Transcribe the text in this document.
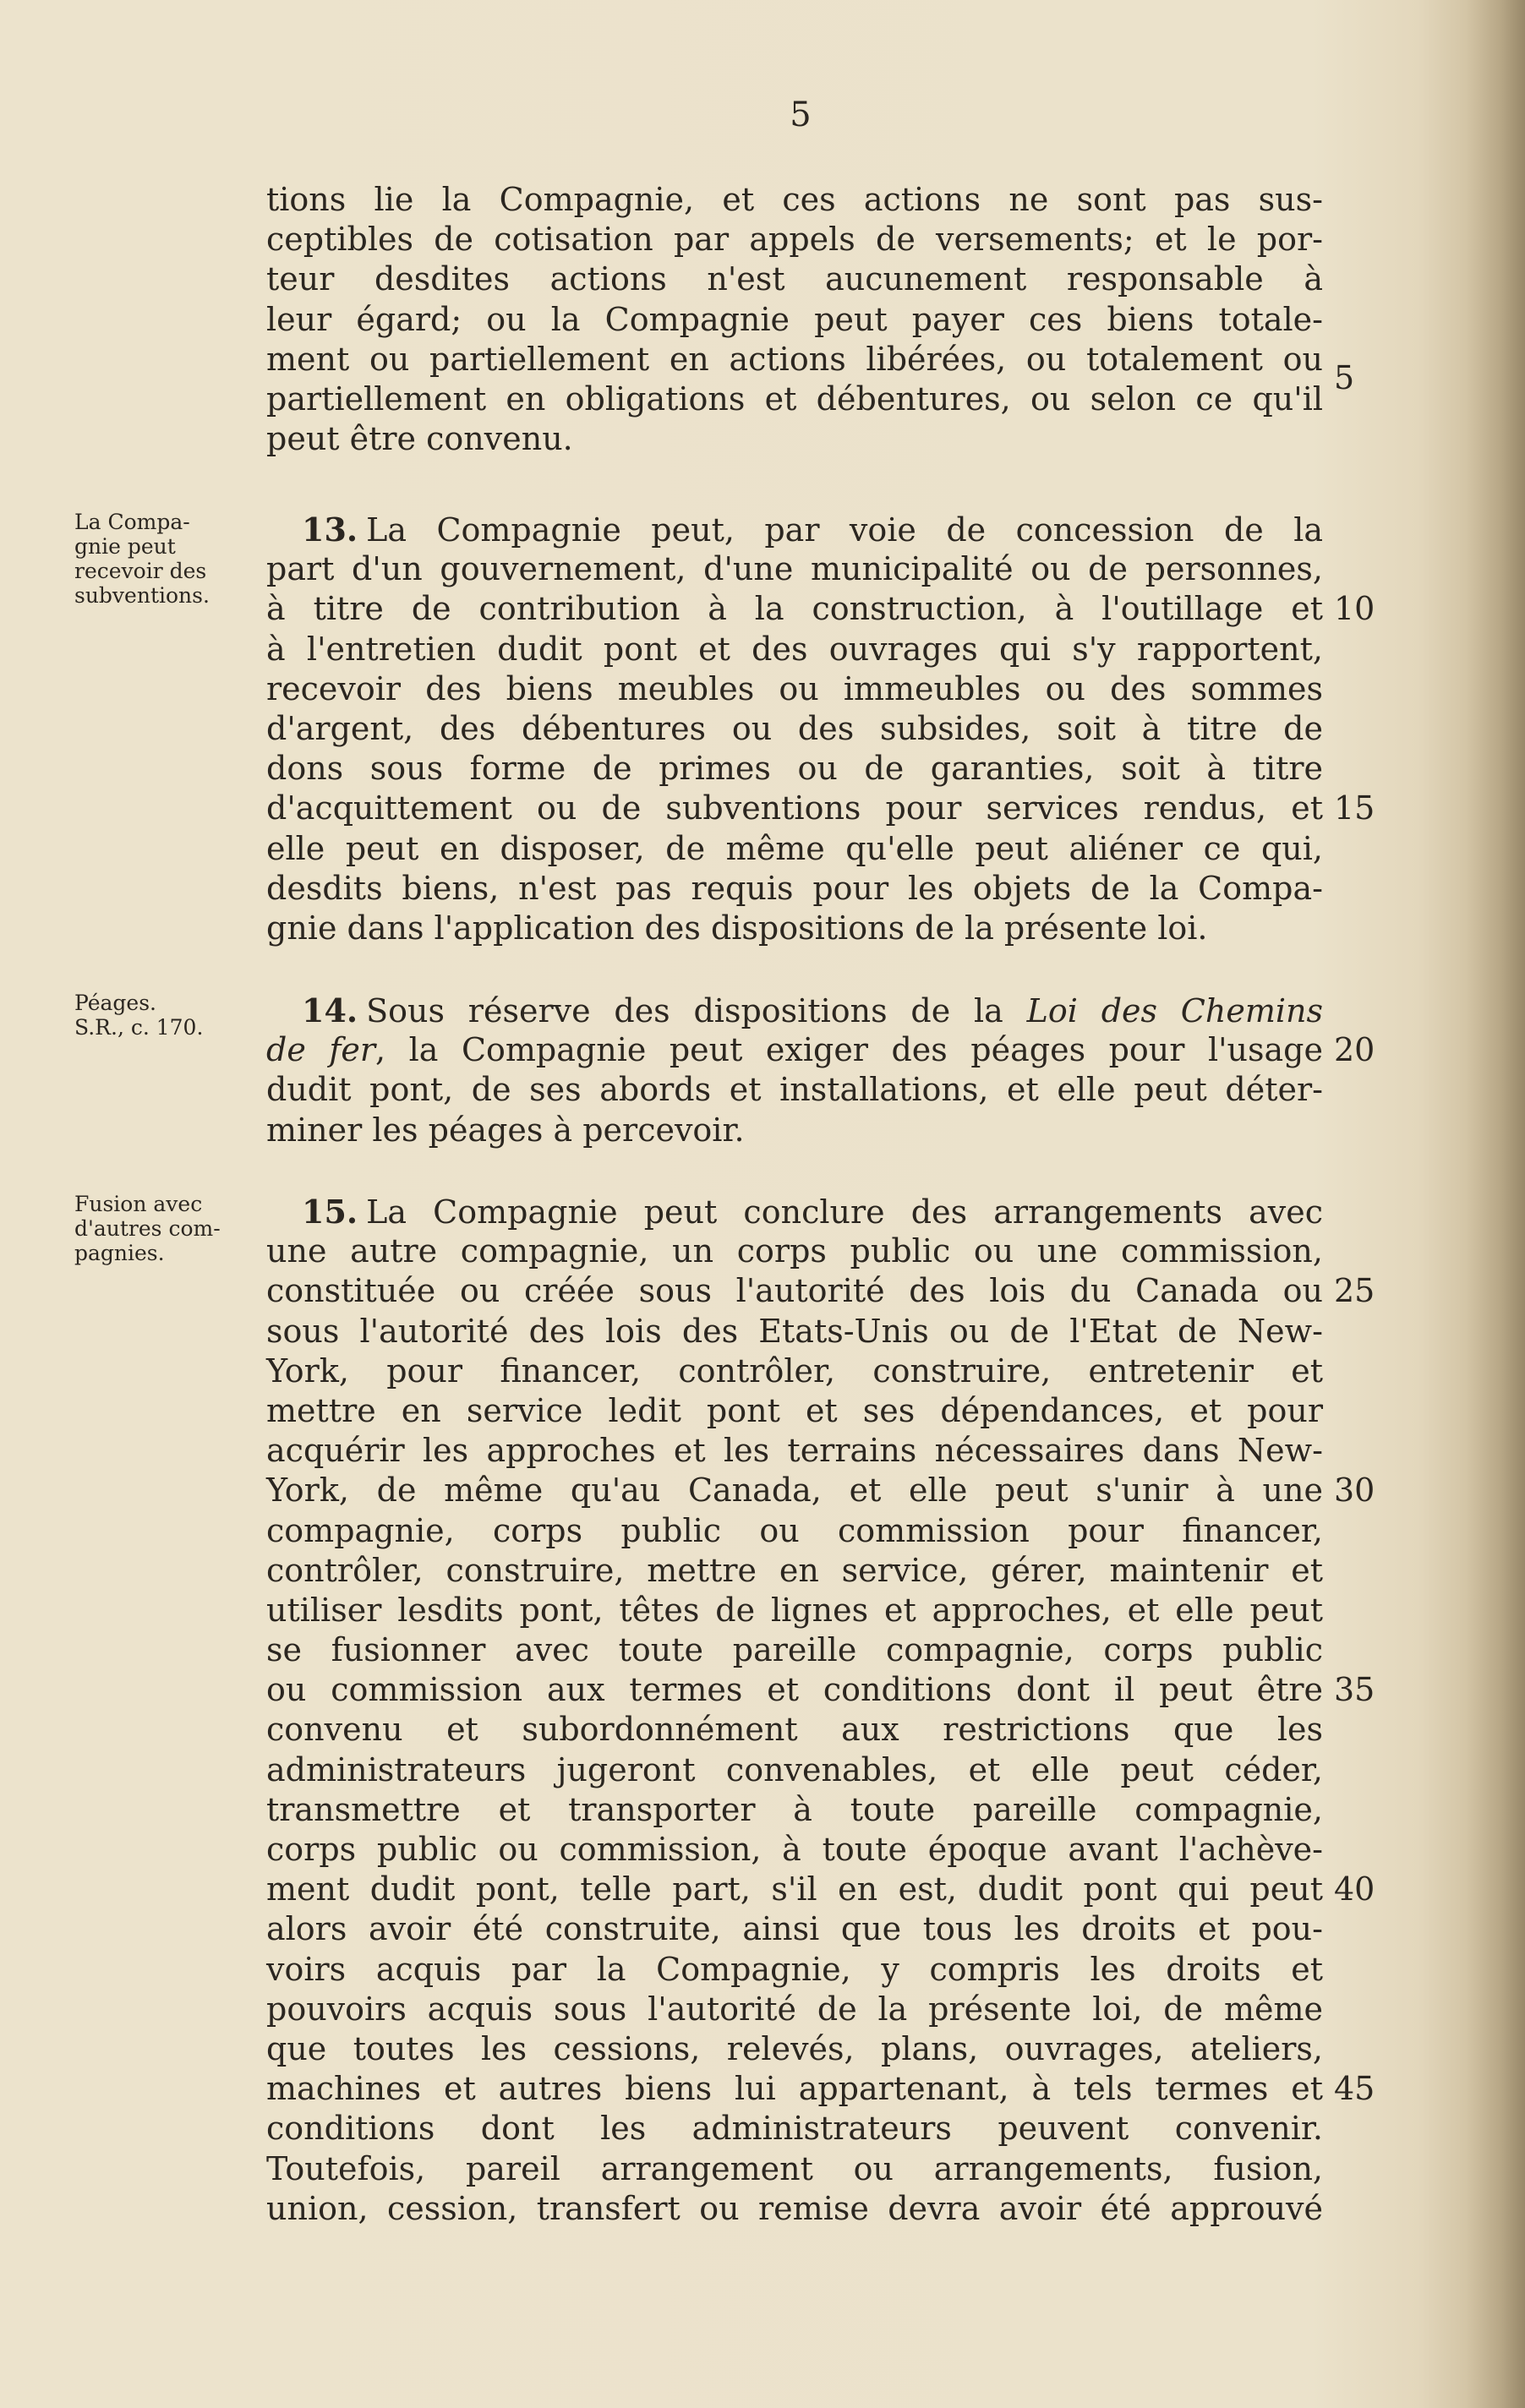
5
tions lie la Compagnie, et ces actions ne sont pas sus-
ceptibles de cotisation par appels de versements; et le por-
teur desdites actions n'est aucunement responsable à
leur égard; ou la Compagnie peut payer ces biens totale-
ment ou partiellement en actions libérées, ou totalement ou
partiellement en obligations et débentures, ou selon ce qu'il
peut être convenu.
La Compa-
gnie peut
recevoir des
subventions.
13. La Compagnie peut, par voie de concession de la
part d'un gouvernement, d'une municipalité ou de personnes,
à titre de contribution à la construction, à l'outillage et
à l'entretien dudit pont et des ouvrages qui s'y rapportent,
recevoir des biens meubles ou immeubles ou des sommes
d'argent, des débentures ou des subsides, soit à titre de
dons sous forme de primes ou de garanties, soit à titre
d'acquittement ou de subventions pour services rendus, et
elle peut en disposer, de même qu'elle peut aliéner ce qui,
desdits biens, n'est pas requis pour les objets de la Compa-
gnie dans l'application des dispositions de la présente loi.
Péages.
S.R., c. 170.	14. Sous réserve des dispositions de la Loi des Chemins
de fer, la Compagnie peut exiger des péages pour l'usage
dudit pont, de ses abords et installations, et elle peut déter-
miner les péages à percevoir.
Fusion avec
d'autres com-
pagnies.
15. La Compagnie peut conclure des arrangements avec
une autre compagnie, un corps public ou une commission,
constituée ou créée sous l'autorité des lois du Canada ou
sous l'autorité des lois des Etats-Unis ou de l'Etat de New-
York, pour financer, contrôler, construire, entretenir et
mettre en service ledit pont et ses dépendances, et pour
acquérir les approches et les terrains nécessaires dans New-
York, de même qu'au Canada, et elle peut s'unir à une
compagnie, corps public ou commission pour financer,
contrôler, construire, mettre en service, gérer, maintenir et
utiliser lesdits pont, têtes de lignes et approches, et elle peut
se fusionner avec toute pareille compagnie, corps public
ou commission aux termes et conditions dont il peut être
convenu et subordonnément aux restrictions que les
administrateurs jugeront convenables, et elle peut céder,
transmettre et transporter à toute pareille compagnie,
corps public ou commission, à toute époque avant l'achève-
ment dudit pont, telle part, s'il en est, dudit pont qui peut
alors avoir été construite, ainsi que tous les droits et pou-
voirs acquis par la Compagnie, y compris les droits et
pouvoirs acquis sous l'autorité de la présente loi, de même
que toutes les cessions, relevés, plans, ouvrages, ateliers,
machines et autres biens lui appartenant, à tels termes et
conditions dont les administrateurs peuvent convenir.
Toutefois, pareil arrangement ou arrangements, fusion,
union, cession, transfert ou remise devra avoir été approuvé
5
10
15
20
25
30
35
40
45
